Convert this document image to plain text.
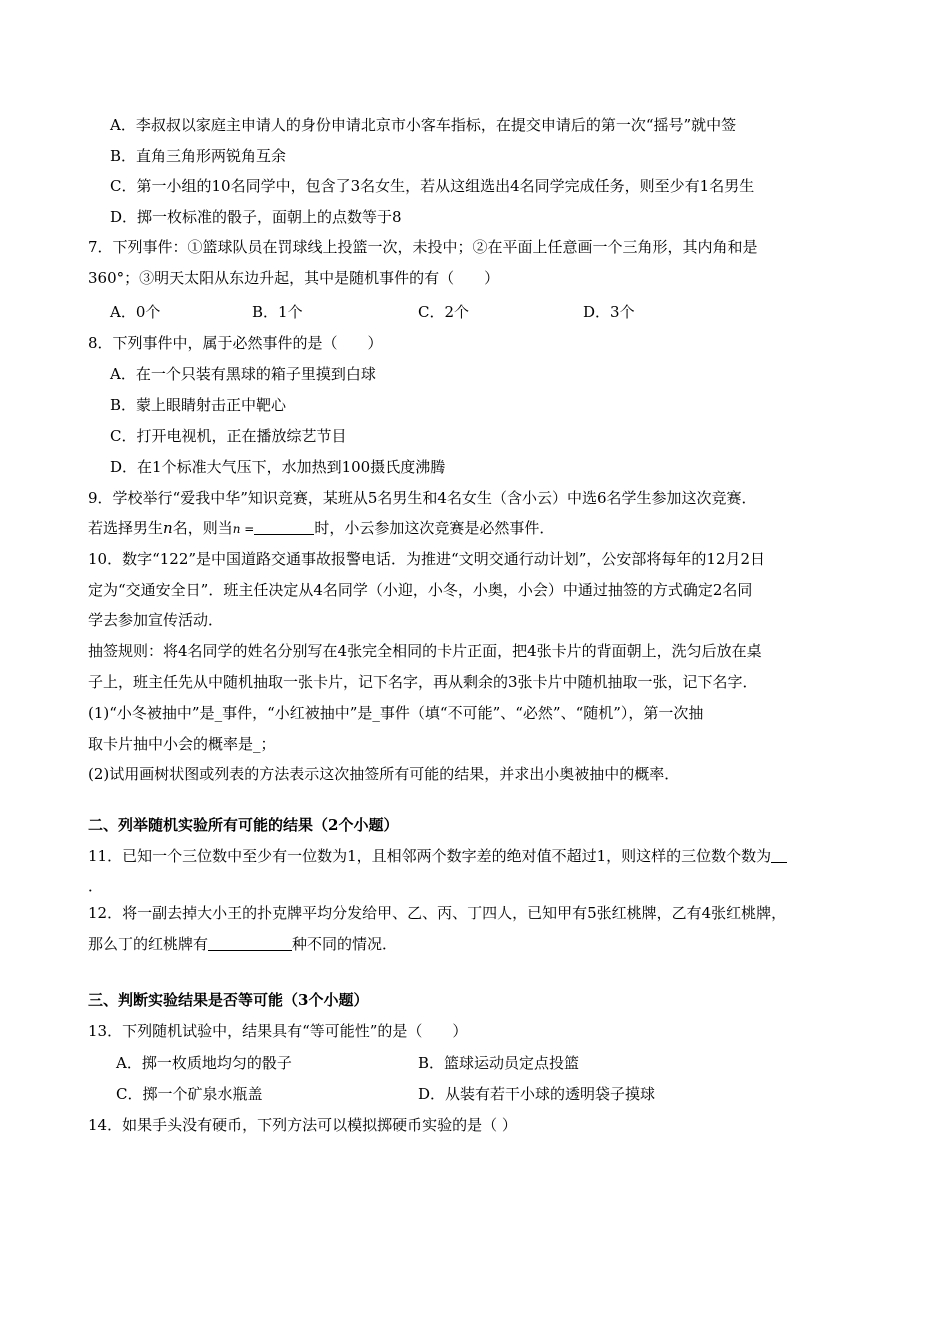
A．李叔叔以家庭主申请人的身份申请北京市小客车指标，在提交申请后的第一次“摇号”就中签
B．直角三角形两锐角互余
C．第一小组的10名同学中，包含了3名女生，若从这组选出4名同学完成任务，则至少有1名男生
D．掷一枚标准的骰子，面朝上的点数等于8
7．下列事件：①篮球队员在罚球线上投篮一次，未投中；②在平面上任意画一个三角形，其内角和是
360°；③明天太阳从东边升起，其中是随机事件的有（　　）
A．0个	B．1个	C．2个	D．3个
8．下列事件中，属于必然事件的是（　　）
A．在一个只装有黑球的箱子里摸到白球
B．蒙上眼睛射击正中靶心
C．打开电视机，正在播放综艺节目
D．在1个标准大气压下，水加热到100摄氏度沸腾
9．学校举行“爱我中华”知识竞赛，某班从5名男生和4名女生（含小云）中选6名学生参加这次竞赛．
若选择男生n名，则当n =	时，小云参加这次竞赛是必然事件．
10．数字“122”是中国道路交通事故报警电话．为推进“文明交通行动计划”，公安部将每年的12月2日
定为“交通安全日”．班主任决定从4名同学（小迎，小冬，小奥，小会）中通过抽签的方式确定2名同
学去参加宣传活动．
抽签规则：将4名同学的姓名分别写在4张完全相同的卡片正面，把4张卡片的背面朝上，洗匀后放在桌
子上，班主任先从中随机抽取一张卡片，记下名字，再从剩余的3张卡片中随机抽取一张，记下名字．
(1)“小冬被抽中”是_事件，“小红被抽中”是_事件（填“不可能”、“必然”、“随机”），第一次抽
取卡片抽中小会的概率是_；
(2)试用画树状图或列表的方法表示这次抽签所有可能的结果，并求出小奥被抽中的概率．
二、列举随机实验所有可能的结果（2个小题）
11．已知一个三位数中至少有一位数为1，且相邻两个数字差的绝对值不超过1，则这样的三位数个数为
．
12．将一副去掉大小王的扑克牌平均分发给甲、乙、丙、丁四人，已知甲有5张红桃牌，乙有4张红桃牌，
那么丁的红桃牌有	种不同的情况．
三、判断实验结果是否等可能（3个小题）
13．下列随机试验中，结果具有“等可能性”的是（　　）
A．掷一枚质地均匀的骰子	B．篮球运动员定点投篮
C．掷一个矿泉水瓶盖	D．从装有若干小球的透明袋子摸球
14．如果手头没有硬币，下列方法可以模拟掷硬币实验的是（ ）
